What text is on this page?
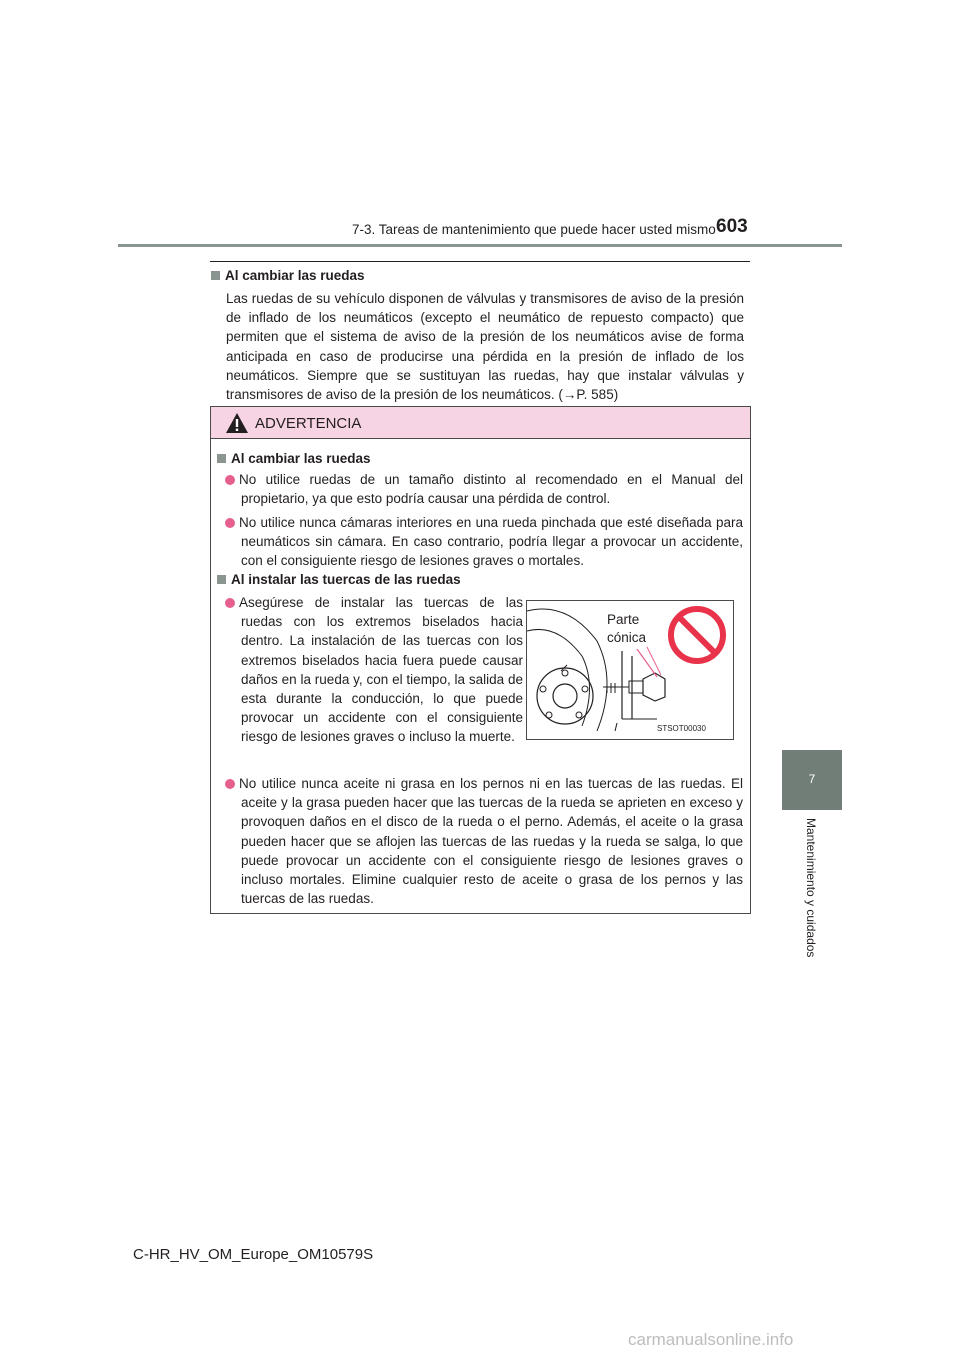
7-3. Tareas de mantenimiento que puede hacer usted mismo 603
7
Mantenimiento y cuidados
Al cambiar las ruedas

Las ruedas de su vehículo disponen de válvulas y transmisores de aviso de la presión de inflado de los neumáticos (excepto el neumático de repuesto compacto) que permiten que el sistema de aviso de la presión de los neumáticos avise de forma anticipada en caso de producirse una pérdida en la presión de inflado de los neumáticos. Siempre que se sustituyan las ruedas, hay que instalar válvulas y transmisores de aviso de la presión de los neumáticos. (→P. 585)

ADVERTENCIA
Al cambiar las ruedas

No utilice ruedas de un tamaño distinto al recomendado en el Manual del propietario, ya que esto podría causar una pérdida de control.

No utilice nunca cámaras interiores en una rueda pinchada que esté diseñada para neumáticos sin cámara. En caso contrario, podría llegar a provocar un accidente, con el consiguiente riesgo de lesiones graves o mortales.

Al instalar las tuercas de las ruedas

Asegúrese de instalar las tuercas de las ruedas con los extremos biselados hacia dentro. La instalación de las tuercas con los extremos biselados hacia fuera puede causar daños en la rueda y, con el tiempo, la salida de esta durante la conducción, lo que puede provocar un accidente con el consiguiente riesgo de lesiones graves o incluso la muerte.

Parte cónica
STSOT00030

No utilice nunca aceite ni grasa en los pernos ni en las tuercas de las ruedas. El aceite y la grasa pueden hacer que las tuercas de la rueda se aprieten en exceso y provoquen daños en el disco de la rueda o el perno. Además, el aceite o la grasa pueden hacer que se aflojen las tuercas de las ruedas y la rueda se salga, lo que puede provocar un accidente con el consiguiente riesgo de lesiones graves o incluso mortales. Elimine cualquier resto de aceite o grasa de los pernos y las tuercas de las ruedas.

C-HR_HV_OM_Europe_OM10579S
carmanualsonline.info
